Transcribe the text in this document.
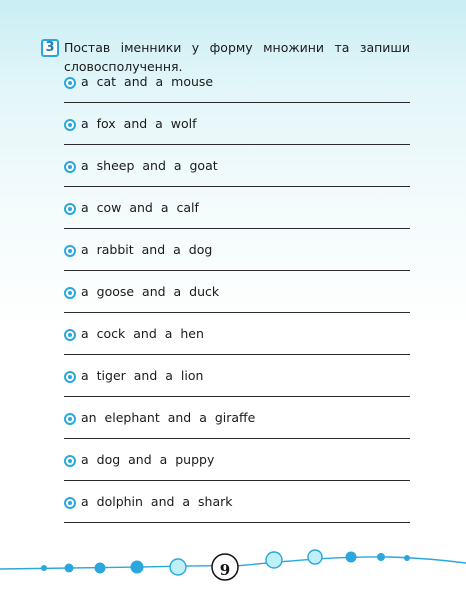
3 Постав іменники у форму множини та запиши словосполучення.
a cat and a mouse
a fox and a wolf
a sheep and a goat
a cow and a calf
a rabbit and a dog
a goose and a duck
a cock and a hen
a tiger and a lion
an elephant and a giraffe
a dog and a puppy
a dolphin and a shark
9
